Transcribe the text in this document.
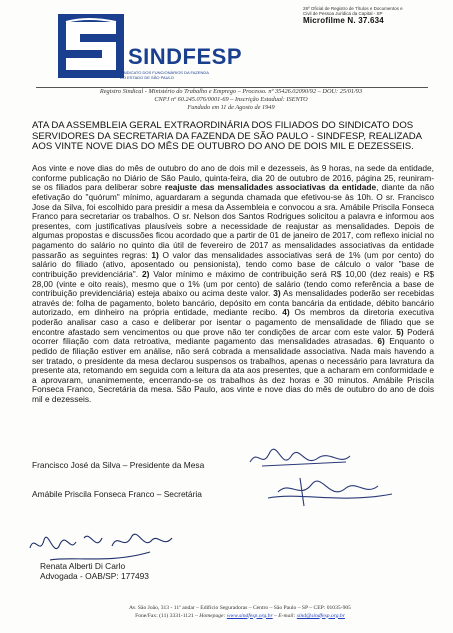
SINDFESP
SINDICATO DOS FUNCIONÁRIOS DA FAZENDA DO ESTADO DE SÃO PAULO
28º Oficial de Registro de Títulos e Documentos e
Civil de Pessoa Jurídica da Capital - SP
Microfilme N. 37.634
Registro Sindical - Ministério do Trabalho e Emprego – Processo. nº 35426.02090/92 – DOU: 25/01/93
CNPJ nº 60.245.076/0001-69 – Inscrição Estadual: ISENTO
Fundado em 11 de Agosto de 1949
ATA DA ASSEMBLEIA GERAL EXTRAORDINÁRIA DOS FILIADOS DO SINDICATO DOS SERVIDORES DA SECRETARIA DA FAZENDA DE SÃO PAULO - SINDFESP, REALIZADA AOS VINTE NOVE DIAS DO MÊS DE OUTUBRO DO ANO DE DOIS MIL E DEZESSEIS.
Aos vinte e nove dias do mês de outubro do ano de dois mil e dezesseis, às 9 horas, na sede da entidade, conforme publicação no Diário de São Paulo, quinta-feira, dia 20 de outubro de 2016, página 25, reuniram-se os filiados para deliberar sobre reajuste das mensalidades associativas da entidade, diante da não efetivação do "quórum" mínimo, aguardaram a segunda chamada que efetivou-se às 10h. O sr. Francisco Jose da Silva, foi escolhido para presidir a mesa da Assembleia e convocou a sra. Amábile Priscila Fonseca Franco para secretariar os trabalhos. O sr. Nelson dos Santos Rodrigues solicitou a palavra e informou aos presentes, com justificativas plausíveis sobre a necessidade de reajustar as mensalidades. Depois de algumas propostas e discussões ficou acordado que a partir de 01 de janeiro de 2017, com reflexo inicial no pagamento do salário no quinto dia útil de fevereiro de 2017 as mensalidades associativas da entidade passarão as seguintes regras: 1) O valor das mensalidades associativas será de 1% (um por cento) do salário do filiado (ativo, aposentado ou pensionista), tendo como base de cálculo o valor "base de contribuição previdenciária". 2) Valor mínimo e máximo de contribuição será R$ 10,00 (dez reais) e R$ 28,00 (vinte e oito reais), mesmo que o 1% (um por cento) de salário (tendo como referência a base de contribuição previdenciária) esteja abaixo ou acima deste valor. 3) As mensalidades poderão ser recebidas através de: folha de pagamento, boleto bancário, depósito em conta bancária da entidade, débito bancário autorizado, em dinheiro na própria entidade, mediante recibo. 4) Os membros da diretoria executiva poderão analisar caso a caso e deliberar por isentar o pagamento de mensalidade de filiado que se encontre afastado sem vencimentos ou que prove não ter condições de arcar com este valor. 5) Poderá ocorrer filiação com data retroativa, mediante pagamento das mensalidades atrasadas. 6) Enquanto o pedido de filiação estiver em análise, não será cobrada a mensalidade associativa. Nada mais havendo a ser tratado, o presidente da mesa declarou suspensos os trabalhos, apenas o necessário para lavratura da presente ata, retomando em seguida com a leitura da ata aos presentes, que a acharam em conformidade e a aprovaram, unanimemente, encerrando-se os trabalhos às dez horas e 30 minutos. Amábile Priscila Fonseca Franco, Secretária da mesa. São Paulo, aos vinte e nove dias do mês de outubro do ano de dois mil e dezesseis.
Francisco José da Silva – Presidente da Mesa
Amábile Priscila Fonseca Franco – Secretária
Renata Alberti Di Carlo
Advogada - OAB/SP: 177493
Av. São João, 313 - 11º andar – Edifício Seguradoras – Centro – São Paulo – SP – CEP: 01035-905
Fone/Fax: (11) 3331-1121 – Homepage: www.sindfesp.org.br – E-mail: sind@sindfesp.org.br
